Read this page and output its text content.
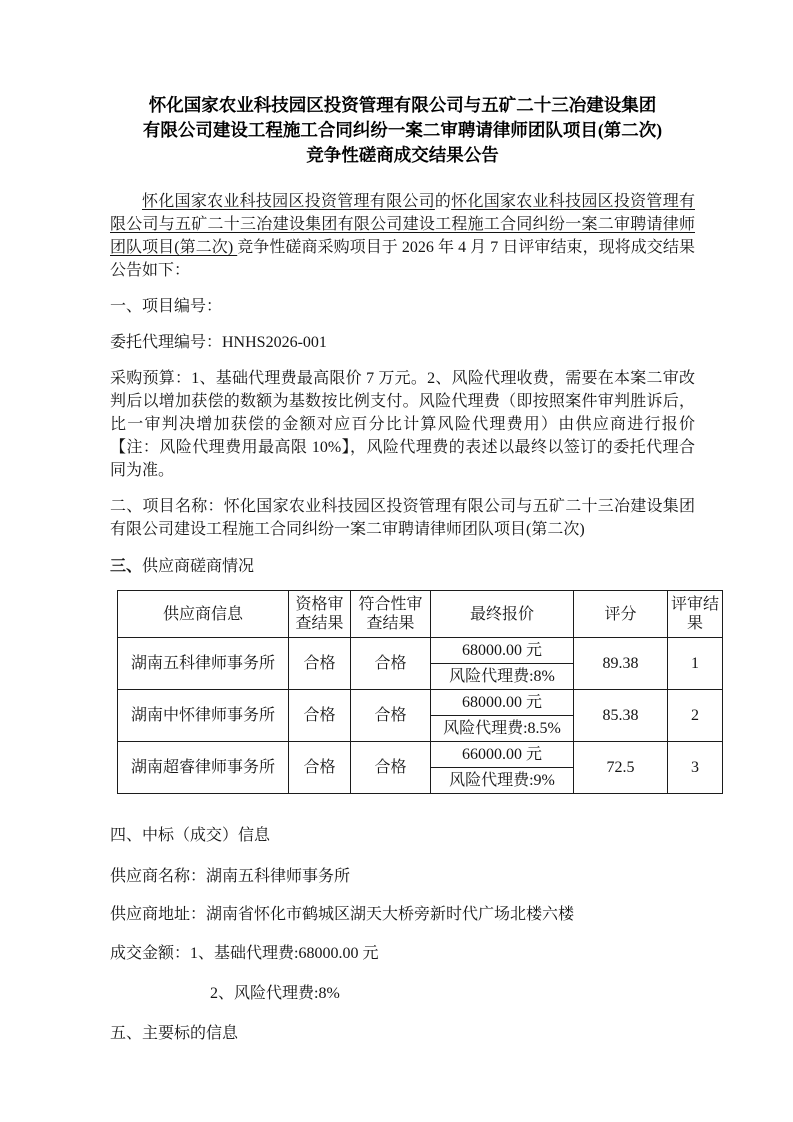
怀化国家农业科技园区投资管理有限公司与五矿二十三冶建设集团
有限公司建设工程施工合同纠纷一案二审聘请律师团队项目(第二次)
竞争性磋商成交结果公告

怀化国家农业科技园区投资管理有限公司的怀化国家农业科技园区投资管理有限公司与五矿二十三冶建设集团有限公司建设工程施工合同纠纷一案二审聘请律师团队项目(第二次) 竞争性磋商采购项目于 2026 年 4 月 7 日评审结束，现将成交结果公告如下：

一、项目编号：

委托代理编号：HNHS2026-001

采购预算：1、基础代理费最高限价 7 万元。2、风险代理收费，需要在本案二审改判后以增加获偿的数额为基数按比例支付。风险代理费（即按照案件审判胜诉后，比一审判决增加获偿的金额对应百分比计算风险代理费用）由供应商进行报价【注：风险代理费用最高限 10%】，风险代理费的表述以最终以签订的委托代理合同为准。

二、项目名称：怀化国家农业科技园区投资管理有限公司与五矿二十三冶建设集团有限公司建设工程施工合同纠纷一案二审聘请律师团队项目(第二次)

三、供应商磋商情况

供应商信息	资格审查结果	符合性审查结果	最终报价	评分	评审结果
湖南五科律师事务所	合格	合格	68000.00 元	89.38	1
			风险代理费:8%		
湖南中怀律师事务所	合格	合格	68000.00 元	85.38	2
			风险代理费:8.5%		
湖南超睿律师事务所	合格	合格	66000.00 元	72.5	3
			风险代理费:9%		

四、中标（成交）信息

供应商名称：湖南五科律师事务所

供应商地址：湖南省怀化市鹤城区湖天大桥旁新时代广场北楼六楼

成交金额：1、基础代理费:68000.00 元

2、风险代理费:8%

五、主要标的信息
